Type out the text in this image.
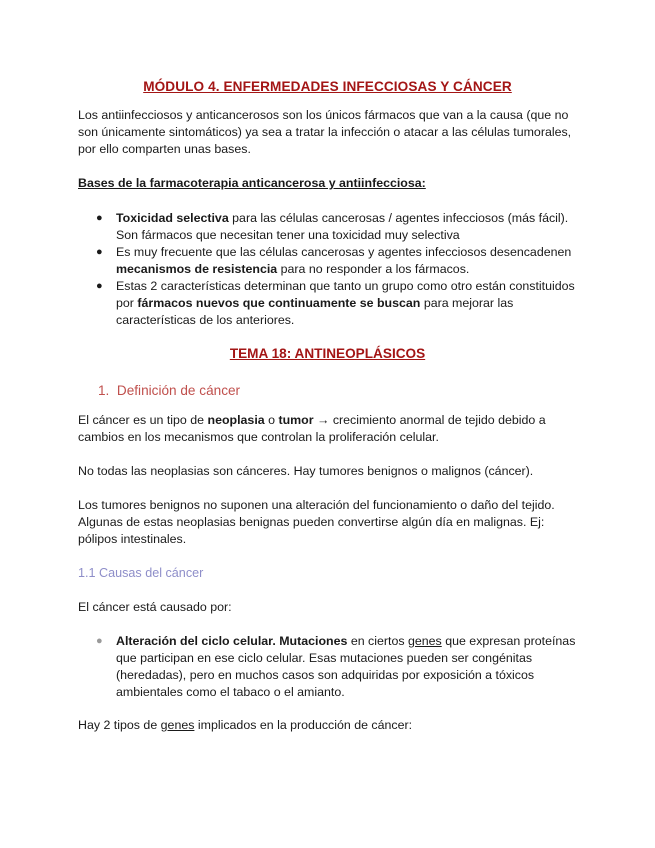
MÓDULO 4. ENFERMEDADES INFECCIOSAS Y CÁNCER

Los antiinfecciosos y anticancerosos son los únicos fármacos que van a la causa (que no son únicamente sintomáticos) ya sea a tratar la infección o atacar a las células tumorales, por ello comparten unas bases.

Bases de la farmacoterapia anticancerosa y antiinfecciosa:
● Toxicidad selectiva para las células cancerosas / agentes infecciosos (más fácil). Son fármacos que necesitan tener una toxicidad muy selectiva
● Es muy frecuente que las células cancerosas y agentes infecciosos desencadenen mecanismos de resistencia para no responder a los fármacos.
● Estas 2 características determinan que tanto un grupo como otro están constituidos por fármacos nuevos que continuamente se buscan para mejorar las características de los anteriores.
TEMA 18: ANTINEOPLÁSICOS
1. Definición de cáncer

El cáncer es un tipo de neoplasia o tumor → crecimiento anormal de tejido debido a cambios en los mecanismos que controlan la proliferación celular.

No todas las neoplasias son cánceres. Hay tumores benignos o malignos (cáncer).

Los tumores benignos no suponen una alteración del funcionamiento o daño del tejido. Algunas de estas neoplasias benignas pueden convertirse algún día en malignas. Ej: pólipos intestinales.

1.1 Causas del cáncer

El cáncer está causado por:

● Alteración del ciclo celular. Mutaciones en ciertos genes que expresan proteínas que participan en ese ciclo celular. Esas mutaciones pueden ser congénitas (heredadas), pero en muchos casos son adquiridas por exposición a tóxicos ambientales como el tabaco o el amianto.

Hay 2 tipos de genes implicados en la producción de cáncer:
